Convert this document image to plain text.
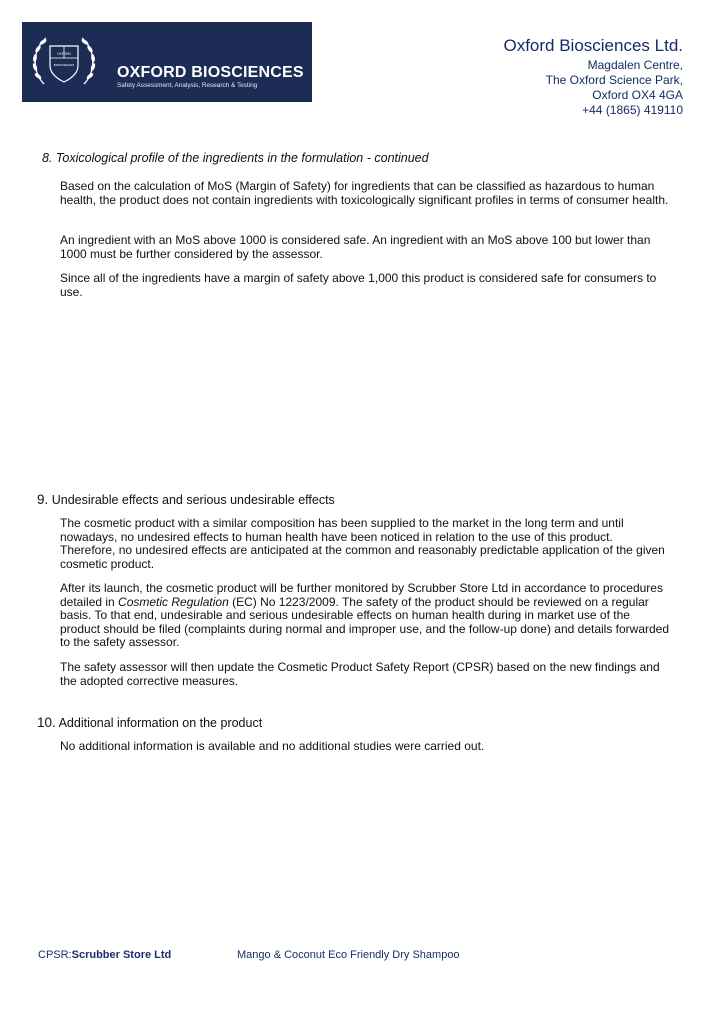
OXFORD
BIOSCIENCES	OXFORD BIOSCIENCES
Safety Assessment, Analysis, Research & Testing
Oxford Biosciences Ltd.
Magdalen Centre,
The Oxford Science Park,
Oxford OX4 4GA
+44 (1865) 419110
8. Toxicological profile of the ingredients in the formulation - continued
Based on the calculation of MoS (Margin of Safety) for ingredients that can be classified as hazardous to human health, the product does not contain ingredients with toxicologically significant profiles in terms of consumer health.
An ingredient with an MoS above 1000 is considered safe. An ingredient with an MoS above 100 but lower than 1000 must be further considered by the assessor.
Since all of the ingredients have a margin of safety above 1,000 this product is considered safe for consumers to use.
9. Undesirable effects and serious undesirable effects
The cosmetic product with a similar composition has been supplied to the market in the long term and until nowadays, no undesired effects to human health have been noticed in relation to the use of this product. Therefore, no undesired effects are anticipated at the common and reasonably predictable application of the given cosmetic product.
After its launch, the cosmetic product will be further monitored by Scrubber Store Ltd in accordance to procedures detailed in Cosmetic Regulation (EC) No 1223/2009. The safety of the product should be reviewed on a regular basis. To that end, undesirable and serious undesirable effects on human health during in market use of the product should be filed (complaints during normal and improper use, and the follow-up done) and details forwarded to the safety assessor.
The safety assessor will then update the Cosmetic Product Safety Report (CPSR) based on the new findings and the adopted corrective measures.
10. Additional information on the product
No additional information is available and no additional studies were carried out.
CPSR:Scrubber Store Ltd	Mango & Coconut Eco Friendly Dry Shampoo
